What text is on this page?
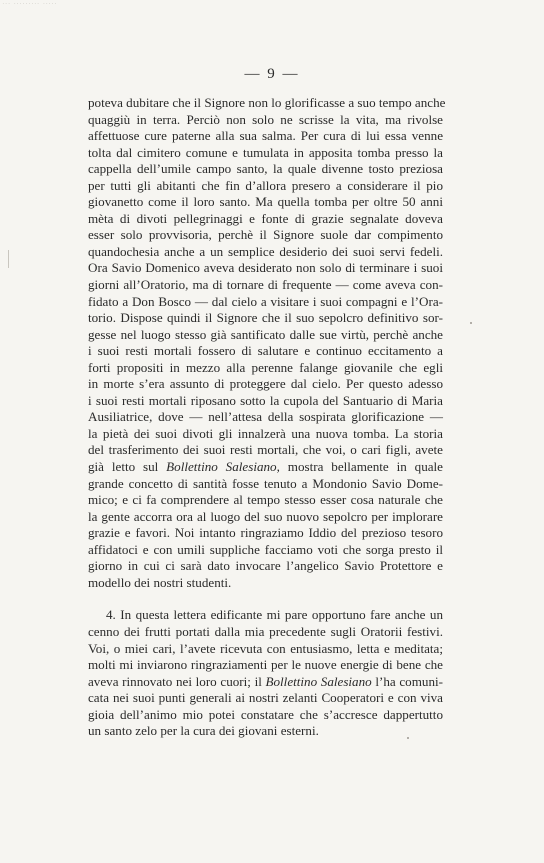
··· ········· ·····
— 9 —
poteva dubitare che il Signore non lo glorificasse a suo tempo anche
quaggiù in terra. Perciò non solo ne scrisse la vita, ma rivolse
affettuose cure paterne alla sua salma. Per cura di lui essa venne
tolta dal cimitero comune e tumulata in apposita tomba presso la
cappella dell’umile campo santo, la quale divenne tosto preziosa
per tutti gli abitanti che fin d’allora presero a considerare il pio
giovanetto come il loro santo. Ma quella tomba per oltre 50 anni
mèta di divoti pellegrinaggi e fonte di grazie segnalate doveva
esser solo provvisoria, perchè il Signore suole dar compimento
quandochesia anche a un semplice desiderio dei suoi servi fedeli.
Ora Savio Domenico aveva desiderato non solo di terminare i suoi
giorni all’Oratorio, ma di tornare di frequente — come aveva con-
fidato a Don Bosco — dal cielo a visitare i suoi compagni e l’Ora-
torio. Dispose quindi il Signore che il suo sepolcro definitivo sor-
gesse nel luogo stesso già santificato dalle sue virtù, perchè anche
i suoi resti mortali fossero di salutare e continuo eccitamento a
forti propositi in mezzo alla perenne falange giovanile che egli
in morte s’era assunto di proteggere dal cielo. Per questo adesso
i suoi resti mortali riposano sotto la cupola del Santuario di Maria
Ausiliatrice, dove — nell’attesa della sospirata glorificazione —
la pietà dei suoi divoti gli innalzerà una nuova tomba. La storia
del trasferimento dei suoi resti mortali, che voi, o cari figli, avete
già letto sul Bollettino Salesiano, mostra bellamente in quale
grande concetto di santità fosse tenuto a Mondonio Savio Dome-
mico; e ci fa comprendere al tempo stesso esser cosa naturale che
la gente accorra ora al luogo del suo nuovo sepolcro per implorare
grazie e favori. Noi intanto ringraziamo Iddio del prezioso tesoro
affidatoci e con umili suppliche facciamo voti che sorga presto il
giorno in cui ci sarà dato invocare l’angelico Savio Protettore e
modello dei nostri studenti.
4. In questa lettera edificante mi pare opportuno fare anche un
cenno dei frutti portati dalla mia precedente sugli Oratorii festivi.
Voi, o miei cari, l’avete ricevuta con entusiasmo, letta e meditata;
molti mi inviarono ringraziamenti per le nuove energie di bene che
aveva rinnovato nei loro cuori; il Bollettino Salesiano l’ha comuni-
cata nei suoi punti generali ai nostri zelanti Cooperatori e con viva
gioia dell’animo mio potei constatare che s’accresce dappertutto
un santo zelo per la cura dei giovani esterni.
